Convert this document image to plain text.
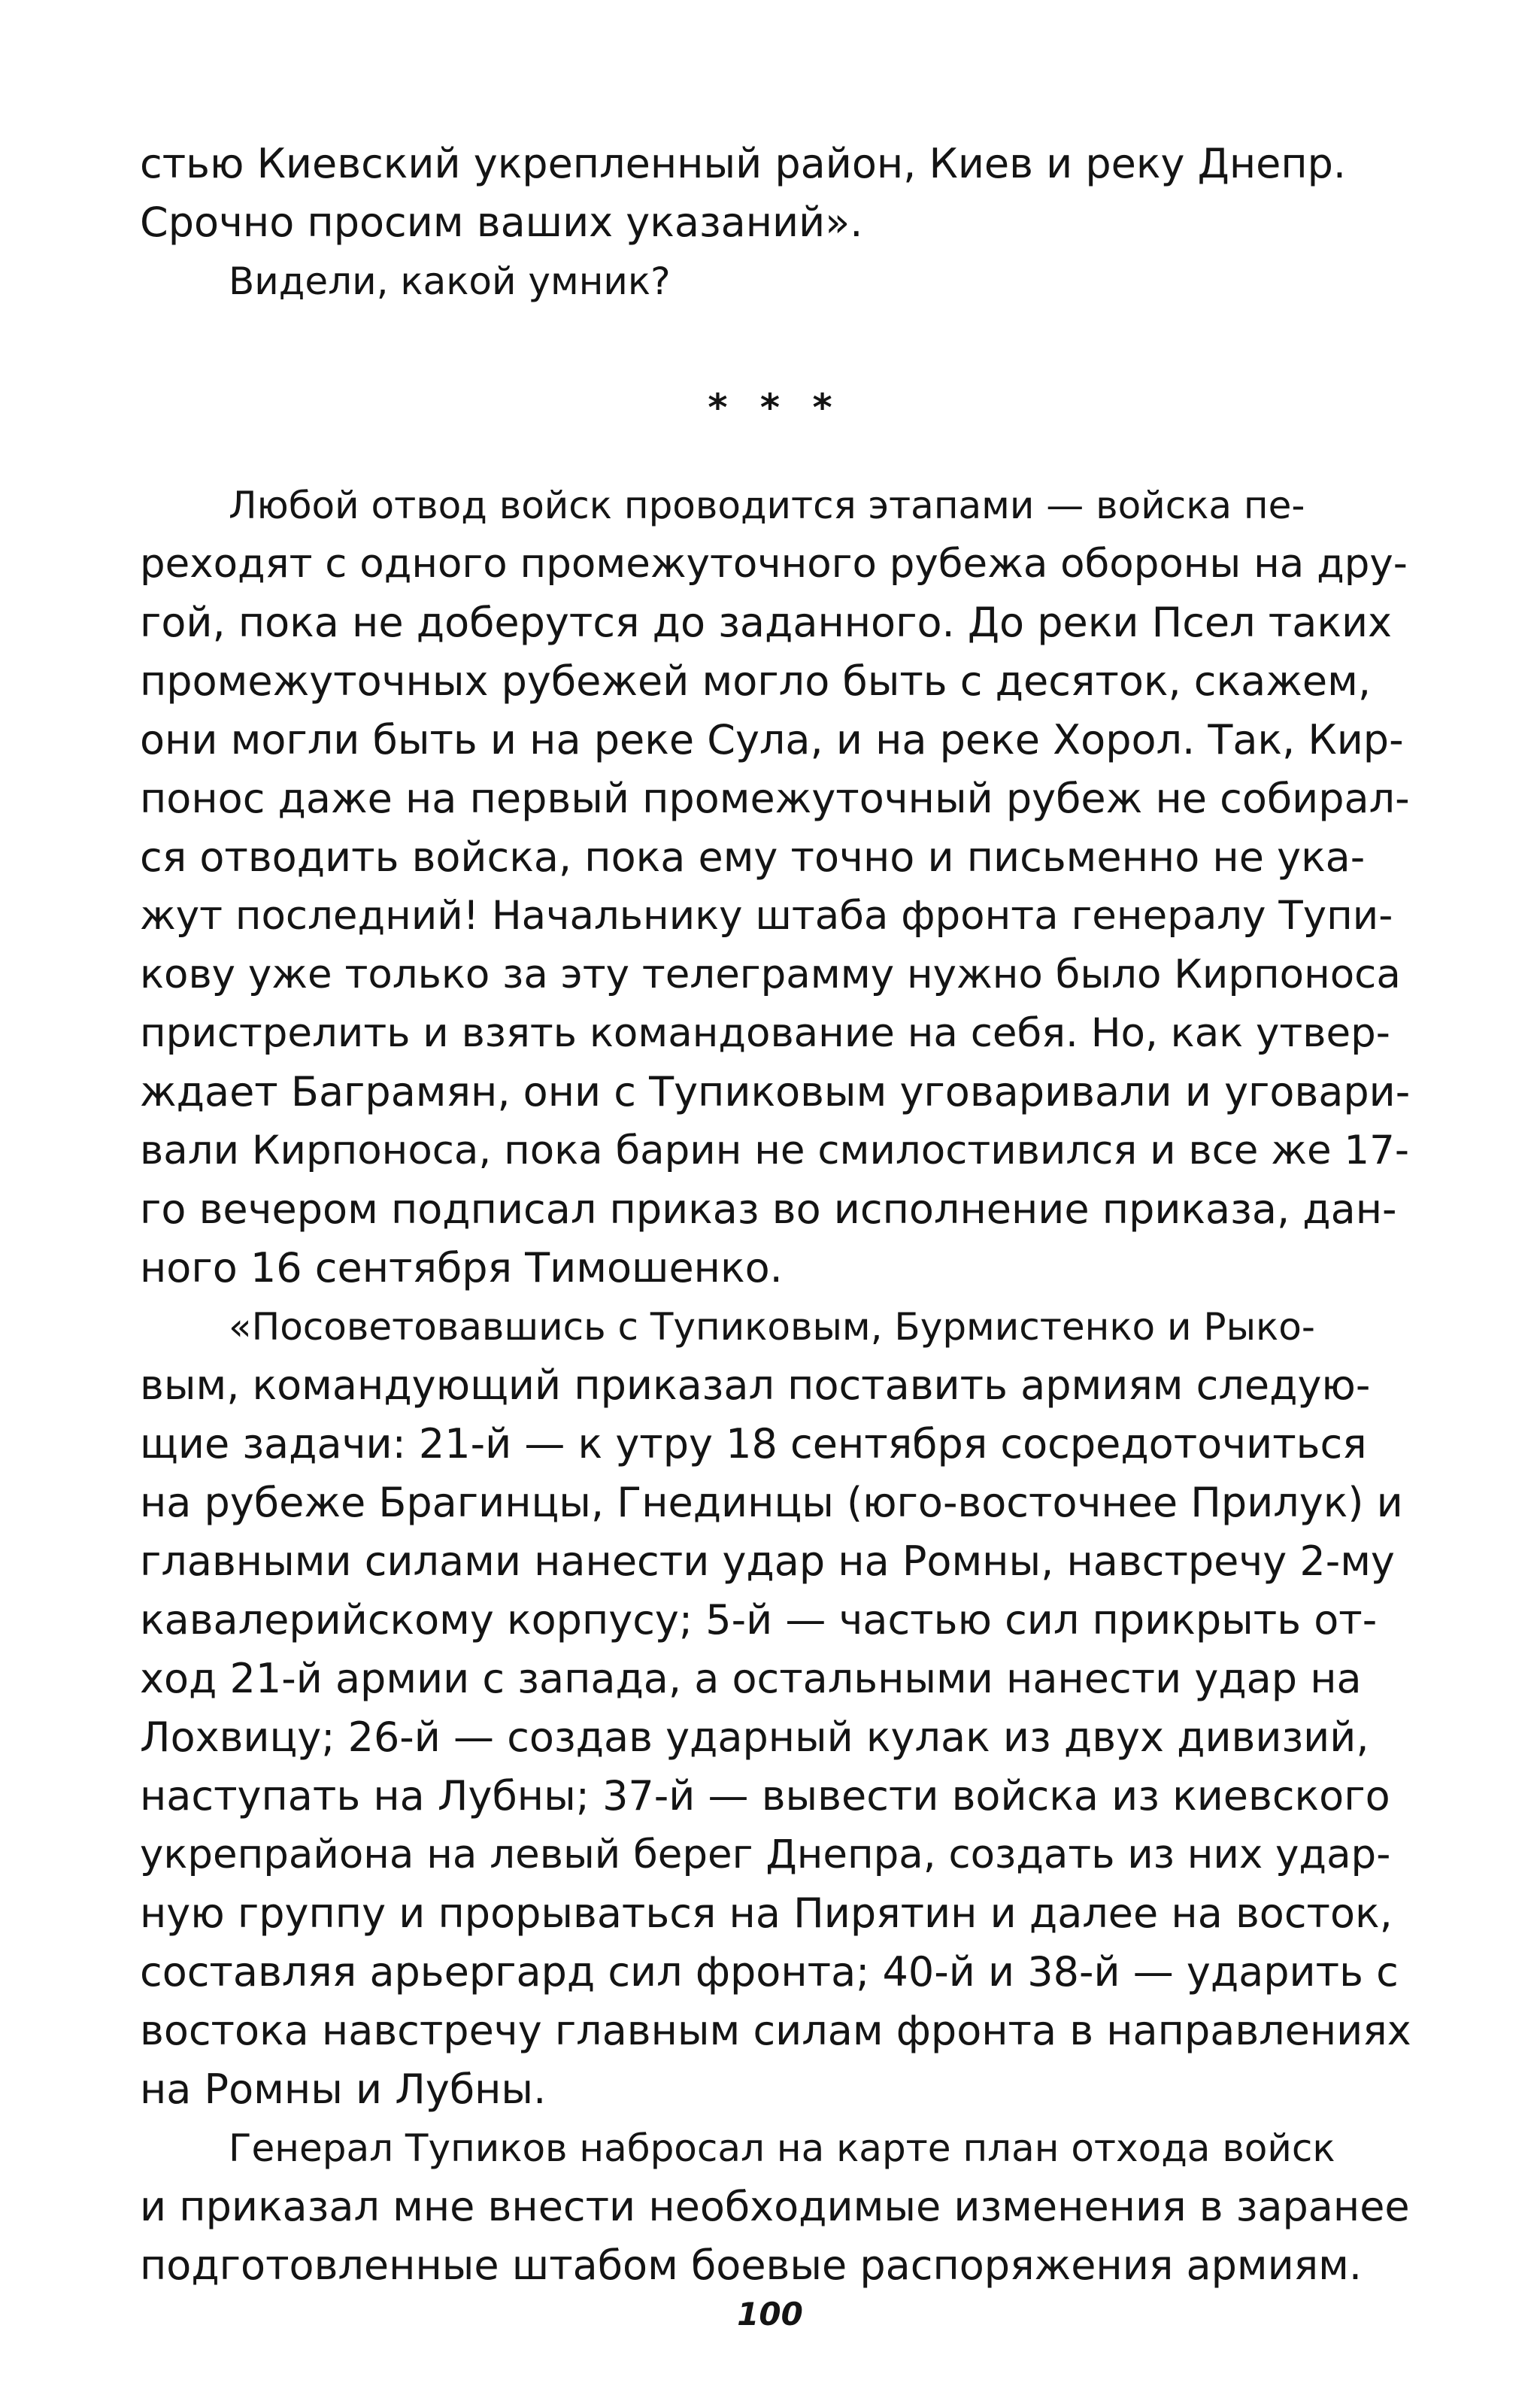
стью Киевский укрепленный район, Киев и реку Днепр.
Срочно просим ваших указаний».
Видели, какой умник?
* * *
Любой отвод войск проводится этапами — войска пе-
реходят с одного промежуточного рубежа обороны на дру-
гой, пока не доберутся до заданного. До реки Псел таких
промежуточных рубежей могло быть с десяток, скажем,
они могли быть и на реке Сула, и на реке Хорол. Так, Кир-
понос даже на первый промежуточный рубеж не собирал-
ся отводить войска, пока ему точно и письменно не ука-
жут последний! Начальнику штаба фронта генералу Тупи-
кову уже только за эту телеграмму нужно было Кирпоноса
пристрелить и взять командование на себя. Но, как утвер-
ждает Баграмян, они с Тупиковым уговаривали и уговари-
вали Кирпоноса, пока барин не смилостивился и все же 17-
го вечером подписал приказ во исполнение приказа, дан-
ного 16 сентября Тимошенко.
«Посоветовавшись с Тупиковым, Бурмистенко и Рыко-
вым, командующий приказал поставить армиям следую-
щие задачи: 21-й — к утру 18 сентября сосредоточиться
на рубеже Брагинцы, Гнединцы (юго-восточнее Прилук) и
главными силами нанести удар на Ромны, навстречу 2-му
кавалерийскому корпусу; 5-й — частью сил прикрыть от-
ход 21-й армии с запада, а остальными нанести удар на
Лохвицу; 26-й — создав ударный кулак из двух дивизий,
наступать на Лубны; 37-й — вывести войска из киевского
укрепрайона на левый берег Днепра, создать из них удар-
ную группу и прорываться на Пирятин и далее на восток,
составляя арьергард сил фронта; 40-й и 38-й — ударить с
востока навстречу главным силам фронта в направлениях
на Ромны и Лубны.
Генерал Тупиков набросал на карте план отхода войск
и приказал мне внести необходимые изменения в заранее
подготовленные штабом боевые распоряжения армиям.
100
